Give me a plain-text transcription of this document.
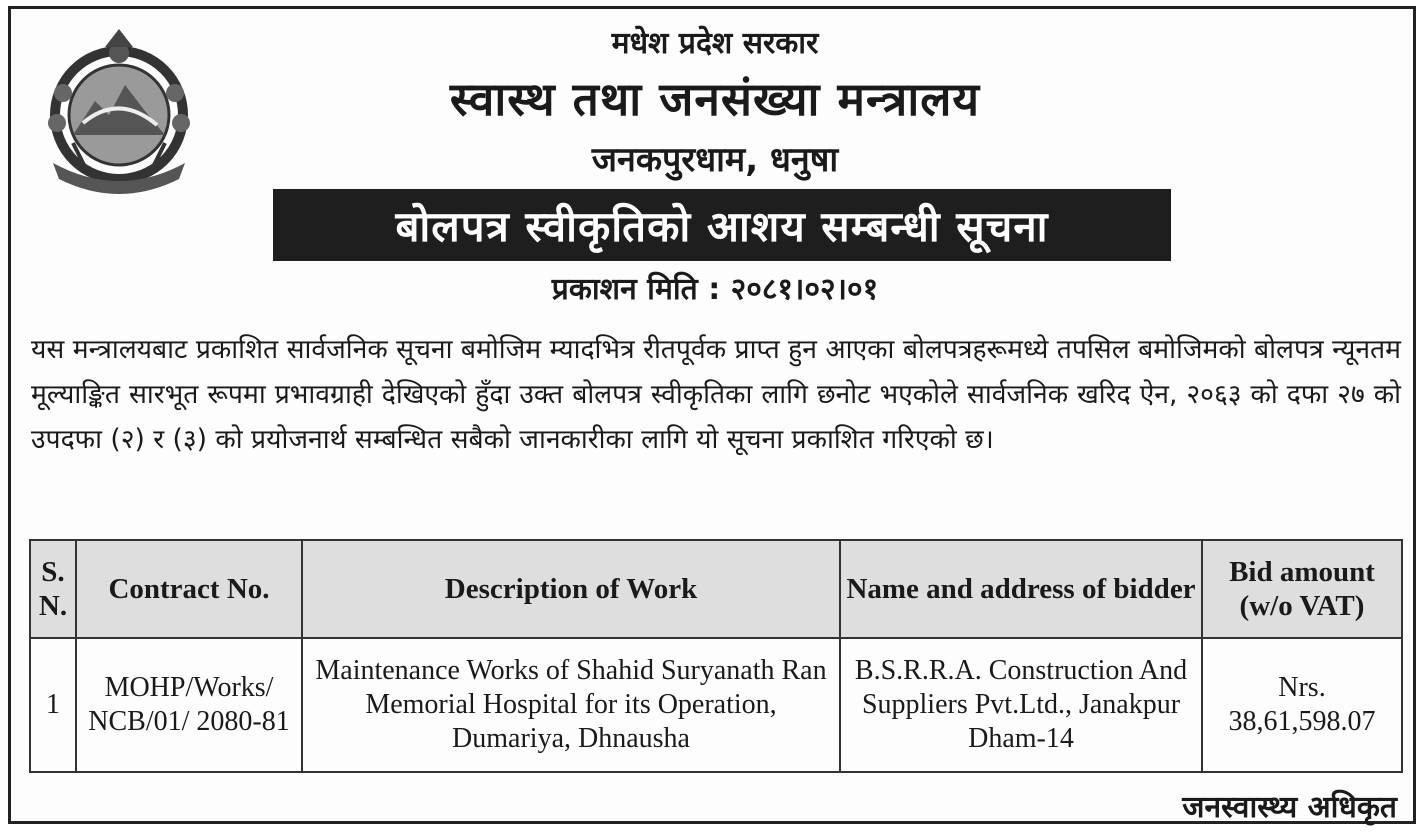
मधेश प्रदेश सरकार
स्वास्थ तथा जनसंख्या मन्त्रालय
जनकपुरधाम, धनुषा
बोलपत्र स्वीकृतिको आशय सम्बन्धी सूचना
प्रकाशन मिति : २०८१।०२।०१
यस मन्त्रालयबाट प्रकाशित सार्वजनिक सूचना बमोजिम म्यादभित्र रीतपूर्वक प्राप्त हुन आएका बोलपत्रहरूमध्ये तपसिल बमोजिमको बोलपत्र न्यूनतम मूल्याङ्कित सारभूत रूपमा प्रभावग्राही देखिएको हुँदा उक्त बोलपत्र स्वीकृतिका लागि छनोट भएकोले सार्वजनिक खरिद ऐन, २०६३ को दफा २७ को उपदफा (२) र (३) को प्रयोजनार्थ सम्बन्धित सबैको जानकारीका लागि यो सूचना प्रकाशित गरिएको छ।
S. N.	Contract No.	Description of Work	Name and address of bidder	Bid amount (w/o VAT)
1	MOHP/Works/ NCB/01/ 2080-81	Maintenance Works of Shahid Suryanath Ran Memorial Hospital for its Operation, Dumariya, Dhnausha	B.S.R.R.A. Construction And Suppliers Pvt.Ltd., Janakpur Dham-14	Nrs. 38,61,598.07
जनस्वास्थ्य अधिकृत
